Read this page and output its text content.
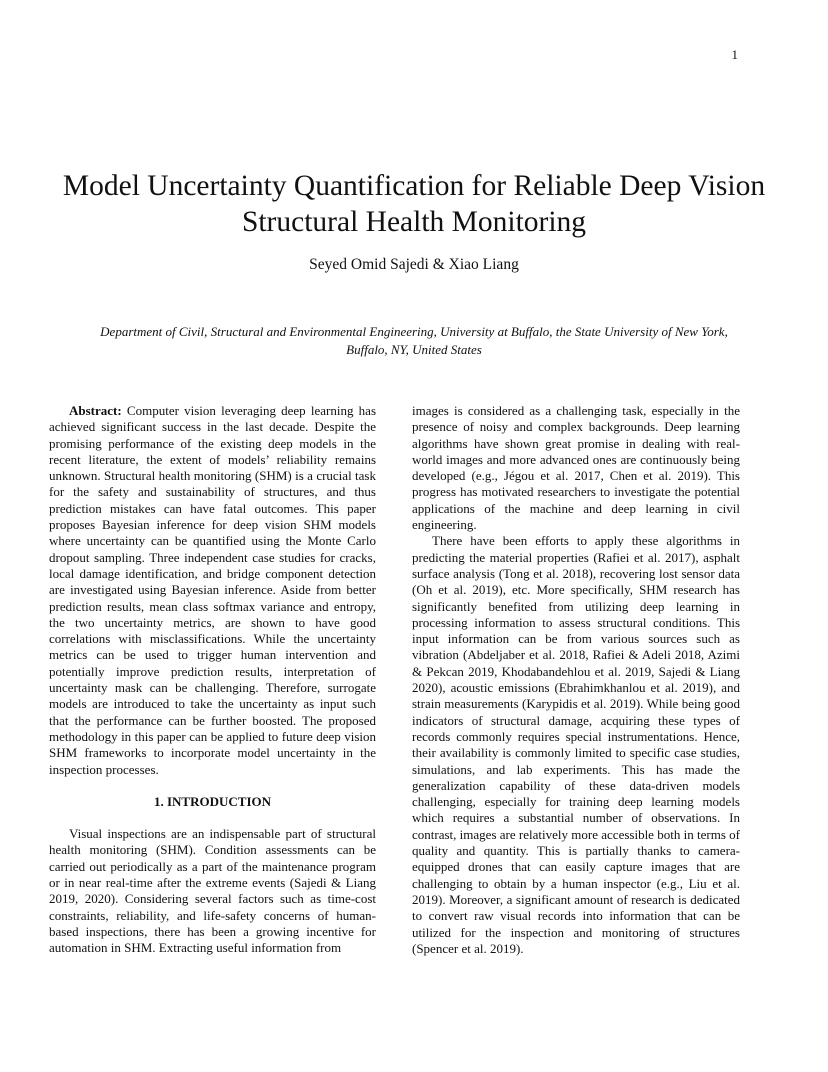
1
Model Uncertainty Quantification for Reliable Deep Vision Structural Health Monitoring
Seyed Omid Sajedi & Xiao Liang
Department of Civil, Structural and Environmental Engineering, University at Buffalo, the State University of New York, Buffalo, NY, United States

Abstract: Computer vision leveraging deep learning has achieved significant success in the last decade. Despite the promising performance of the existing deep models in the recent literature, the extent of models’ reliability remains unknown. Structural health monitoring (SHM) is a crucial task for the safety and sustainability of structures, and thus prediction mistakes can have fatal outcomes. This paper proposes Bayesian inference for deep vision SHM models where uncertainty can be quantified using the Monte Carlo dropout sampling. Three independent case studies for cracks, local damage identification, and bridge component detection are investigated using Bayesian inference. Aside from better prediction results, mean class softmax variance and entropy, the two uncertainty metrics, are shown to have good correlations with misclassifications. While the uncertainty metrics can be used to trigger human intervention and potentially improve prediction results, interpretation of uncertainty mask can be challenging. Therefore, surrogate models are introduced to take the uncertainty as input such that the performance can be further boosted. The proposed methodology in this paper can be applied to future deep vision SHM frameworks to incorporate model uncertainty in the inspection processes.

1. INTRODUCTION

Visual inspections are an indispensable part of structural health monitoring (SHM). Condition assessments can be carried out periodically as a part of the maintenance program or in near real-time after the extreme events (Sajedi & Liang 2019, 2020). Considering several factors such as time-cost constraints, reliability, and life-safety concerns of human-based inspections, there has been a growing incentive for automation in SHM. Extracting useful information from

images is considered as a challenging task, especially in the presence of noisy and complex backgrounds. Deep learning algorithms have shown great promise in dealing with real-world images and more advanced ones are continuously being developed (e.g., Jégou et al. 2017, Chen et al. 2019). This progress has motivated researchers to investigate the potential applications of the machine and deep learning in civil engineering.

There have been efforts to apply these algorithms in predicting the material properties (Rafiei et al. 2017), asphalt surface analysis (Tong et al. 2018), recovering lost sensor data (Oh et al. 2019), etc. More specifically, SHM research has significantly benefited from utilizing deep learning in processing information to assess structural conditions. This input information can be from various sources such as vibration (Abdeljaber et al. 2018, Rafiei & Adeli 2018, Azimi & Pekcan 2019, Khodabandehlou et al. 2019, Sajedi & Liang 2020), acoustic emissions (Ebrahimkhanlou et al. 2019), and strain measurements (Karypidis et al. 2019). While being good indicators of structural damage, acquiring these types of records commonly requires special instrumentations. Hence, their availability is commonly limited to specific case studies, simulations, and lab experiments. This has made the generalization capability of these data-driven models challenging, especially for training deep learning models which requires a substantial number of observations. In contrast, images are relatively more accessible both in terms of quality and quantity. This is partially thanks to camera-equipped drones that can easily capture images that are challenging to obtain by a human inspector (e.g., Liu et al. 2019). Moreover, a significant amount of research is dedicated to convert raw visual records into information that can be utilized for the inspection and monitoring of structures (Spencer et al. 2019).
